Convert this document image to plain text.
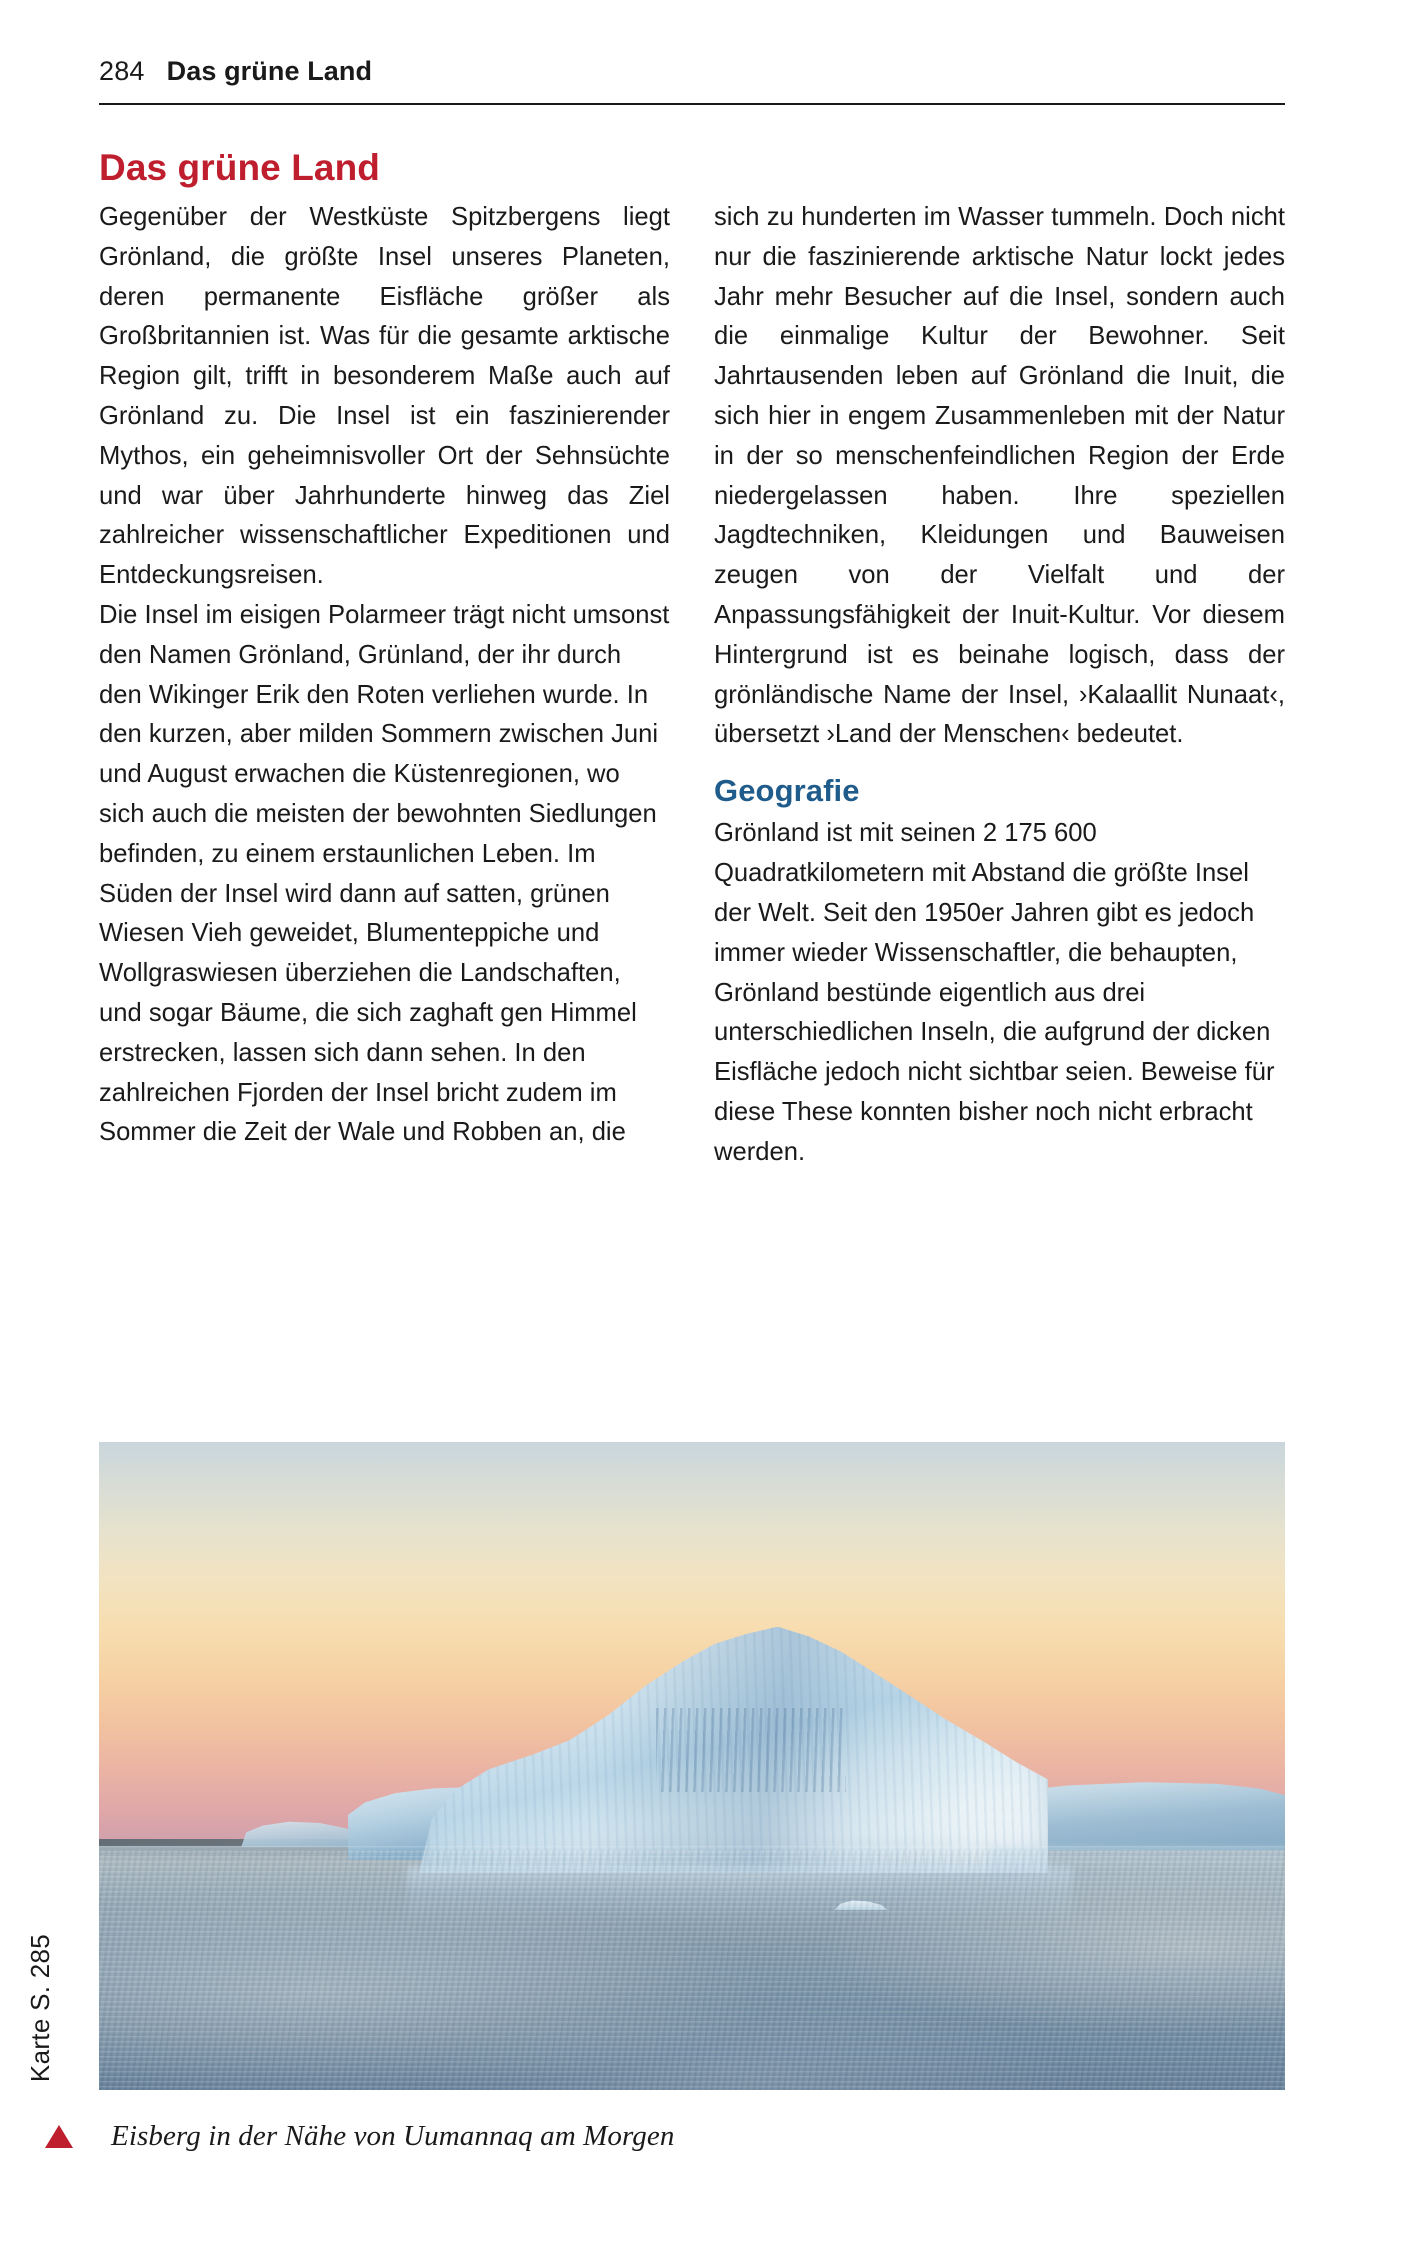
284 Das grüne Land
Das grüne Land

Gegenüber der Westküste Spitzbergens liegt Grönland, die größte Insel unseres Planeten, deren permanente Eisfläche größer als Großbritannien ist. Was für die gesamte arktische Region gilt, trifft in besonderem Maße auch auf Grönland zu. Die Insel ist ein faszinierender Mythos, ein geheimnisvoller Ort der Sehnsüchte und war über Jahrhunderte hinweg das Ziel zahlreicher wissenschaftlicher Expeditionen und Entdeckungsreisen.

Die Insel im eisigen Polarmeer trägt nicht umsonst den Namen Grönland, Grünland, der ihr durch den Wikinger Erik den Roten verliehen wurde. In den kurzen, aber milden Sommern zwischen Juni und August erwachen die Küstenregionen, wo sich auch die meisten der bewohnten Siedlungen befinden, zu einem erstaunlichen Leben. Im Süden der Insel wird dann auf satten, grünen Wiesen Vieh geweidet, Blumenteppiche und Wollgraswiesen überziehen die Landschaften, und sogar Bäume, die sich zaghaft gen Himmel erstrecken, lassen sich dann sehen. In den zahlreichen Fjorden der Insel bricht zudem im Sommer die Zeit der Wale und Robben an, die

sich zu hunderten im Wasser tummeln. Doch nicht nur die faszinierende arktische Natur lockt jedes Jahr mehr Besucher auf die Insel, sondern auch die einmalige Kultur der Bewohner. Seit Jahrtausenden leben auf Grönland die Inuit, die sich hier in engem Zusammenleben mit der Natur in der so menschenfeindlichen Region der Erde niedergelassen haben. Ihre speziellen Jagdtechniken, Kleidungen und Bauweisen zeugen von der Vielfalt und der Anpassungsfähigkeit der Inuit-Kultur. Vor diesem Hintergrund ist es beinahe logisch, dass der grönländische Name der Insel, ›Kalaallit Nunaat‹, übersetzt ›Land der Menschen‹ bedeutet.

Geografie

Grönland ist mit seinen 2 175 600 Quadratkilometern mit Abstand die größte Insel der Welt. Seit den 1950er Jahren gibt es jedoch immer wieder Wissenschaftler, die behaupten, Grönland bestünde eigentlich aus drei unterschiedlichen Inseln, die aufgrund der dicken Eisfläche jedoch nicht sichtbar seien. Beweise für diese These konnten bisher noch nicht erbracht werden.

Karte S. 285
Eisberg in der Nähe von Uumannaq am Morgen
